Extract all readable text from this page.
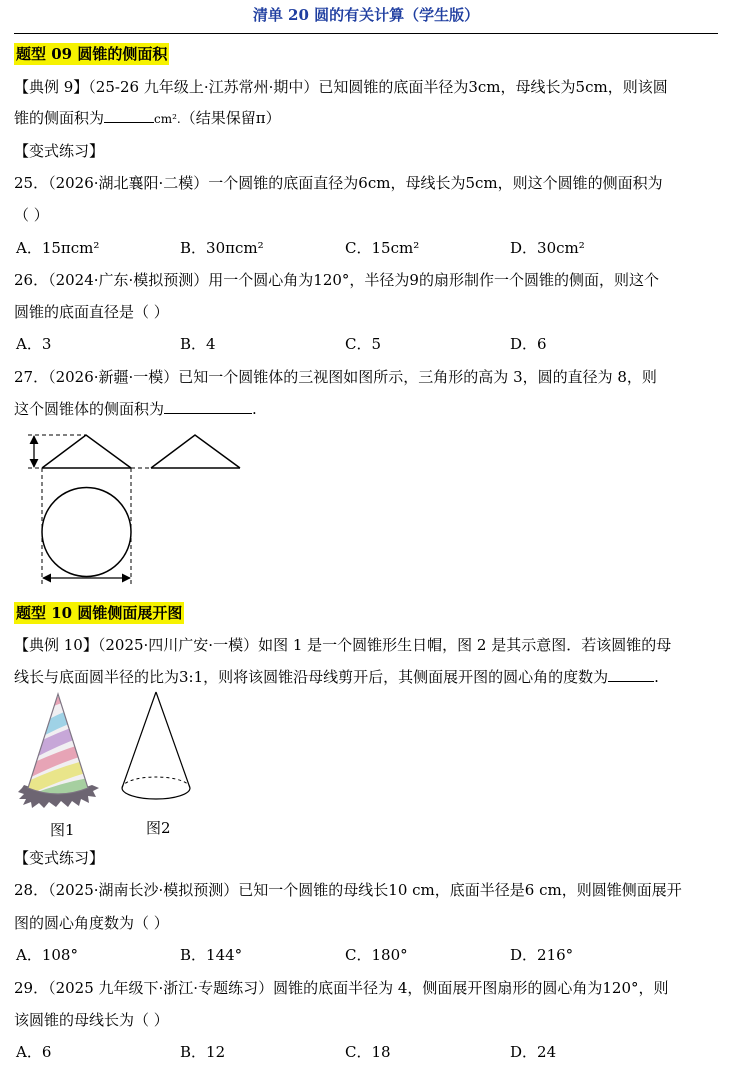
清单 20 圆的有关计算（学生版）
题型 09 圆锥的侧面积
【典例 9】（25-26 九年级上·江苏常州·期中）已知圆锥的底面半径为3cm，母线长为5cm，则该圆
锥的侧面积为	cm².（结果保留π）
【变式练习】
25．（2026·湖北襄阳·二模）一个圆锥的底面直径为6cm，母线长为5cm，则这个圆锥的侧面积为
（ ）
A．15πcm²	B．30πcm²	C．15cm²	D．30cm²
26．（2024·广东·模拟预测）用一个圆心角为120°，半径为9的扇形制作一个圆锥的侧面，则这个
圆锥的底面直径是（ ）
A．3	B．4	C．5	D．6
27．（2026·新疆·一模）已知一个圆锥体的三视图如图所示，三角形的高为 3，圆的直径为 8，则
这个圆锥体的侧面积为	.
题型 10 圆锥侧面展开图
【典例 10】（2025·四川广安·一模）如图 1 是一个圆锥形生日帽，图 2 是其示意图．若该圆锥的母
线长与底面圆半径的比为3:1，则将该圆锥沿母线剪开后，其侧面展开图的圆心角的度数为	.
图1	图2
【变式练习】
28．（2025·湖南长沙·模拟预测）已知一个圆锥的母线长10 cm，底面半径是6 cm，则圆锥侧面展开
图的圆心角度数为（ ）
A．108°	B．144°	C．180°	D．216°
29．（2025 九年级下·浙江·专题练习）圆锥的底面半径为 4，侧面展开图扇形的圆心角为120°，则
该圆锥的母线长为（ ）
A．6	B．12	C．18	D．24
